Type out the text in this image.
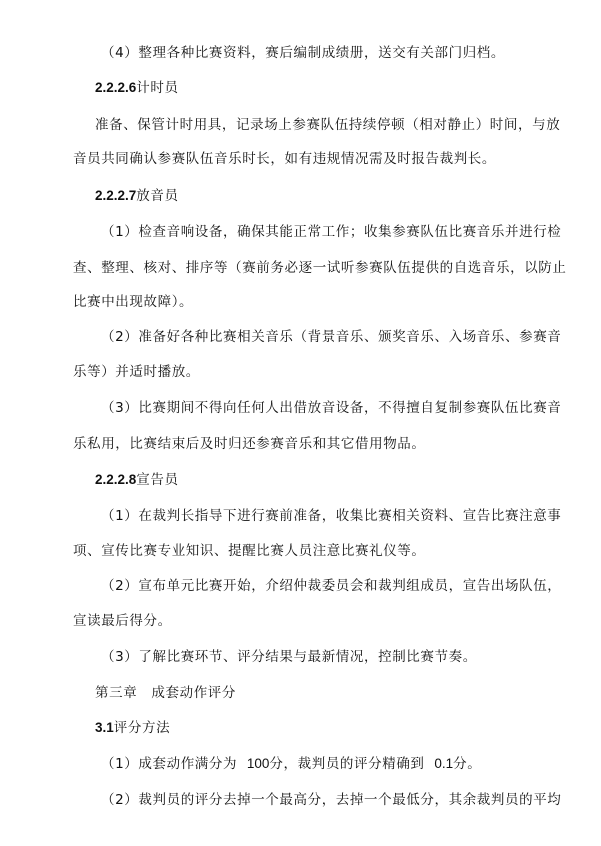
（4）整理各种比赛资料，赛后编制成绩册，送交有关部门归档。
2.2.2.6计时员
准备、保管计时用具，记录场上参赛队伍持续停顿（相对静止）时间，与放
音员共同确认参赛队伍音乐时长，如有违规情况需及时报告裁判长。
2.2.2.7放音员
（1）检查音响设备，确保其能正常工作；收集参赛队伍比赛音乐并进行检
查、整理、核对、排序等（赛前务必逐一试听参赛队伍提供的自选音乐，以防止
比赛中出现故障）。
（2）准备好各种比赛相关音乐（背景音乐、颁奖音乐、入场音乐、参赛音
乐等）并适时播放。
（3）比赛期间不得向任何人出借放音设备，不得擅自复制参赛队伍比赛音
乐私用，比赛结束后及时归还参赛音乐和其它借用物品。
2.2.2.8宣告员
（1）在裁判长指导下进行赛前准备，收集比赛相关资料、宣告比赛注意事
项、宣传比赛专业知识、提醒比赛人员注意比赛礼仪等。
（2）宣布单元比赛开始，介绍仲裁委员会和裁判组成员，宣告出场队伍，
宣读最后得分。
（3）了解比赛环节、评分结果与最新情况，控制比赛节奏。
第三章　成套动作评分
3.1评分方法
（1）成套动作满分为 100分，裁判员的评分精确到 0.1分。
（2）裁判员的评分去掉一个最高分，去掉一个最低分，其余裁判员的平均
